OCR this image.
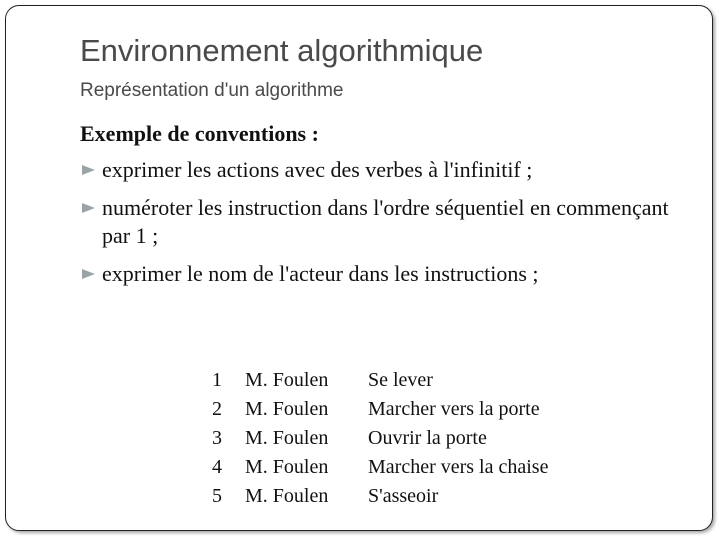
Environnement algorithmique
Représentation d'un algorithme
Exemple de conventions :
exprimer les actions avec des verbes à l'infinitif ;
numéroter les instruction dans l'ordre séquentiel en commençant par 1 ;
exprimer le nom de l'acteur dans les instructions ;
1 M. Foulen Se lever
2 M. Foulen Marcher vers la porte
3 M. Foulen Ouvrir la porte
4 M. Foulen Marcher vers la chaise
5 M. Foulen S'asseoir
